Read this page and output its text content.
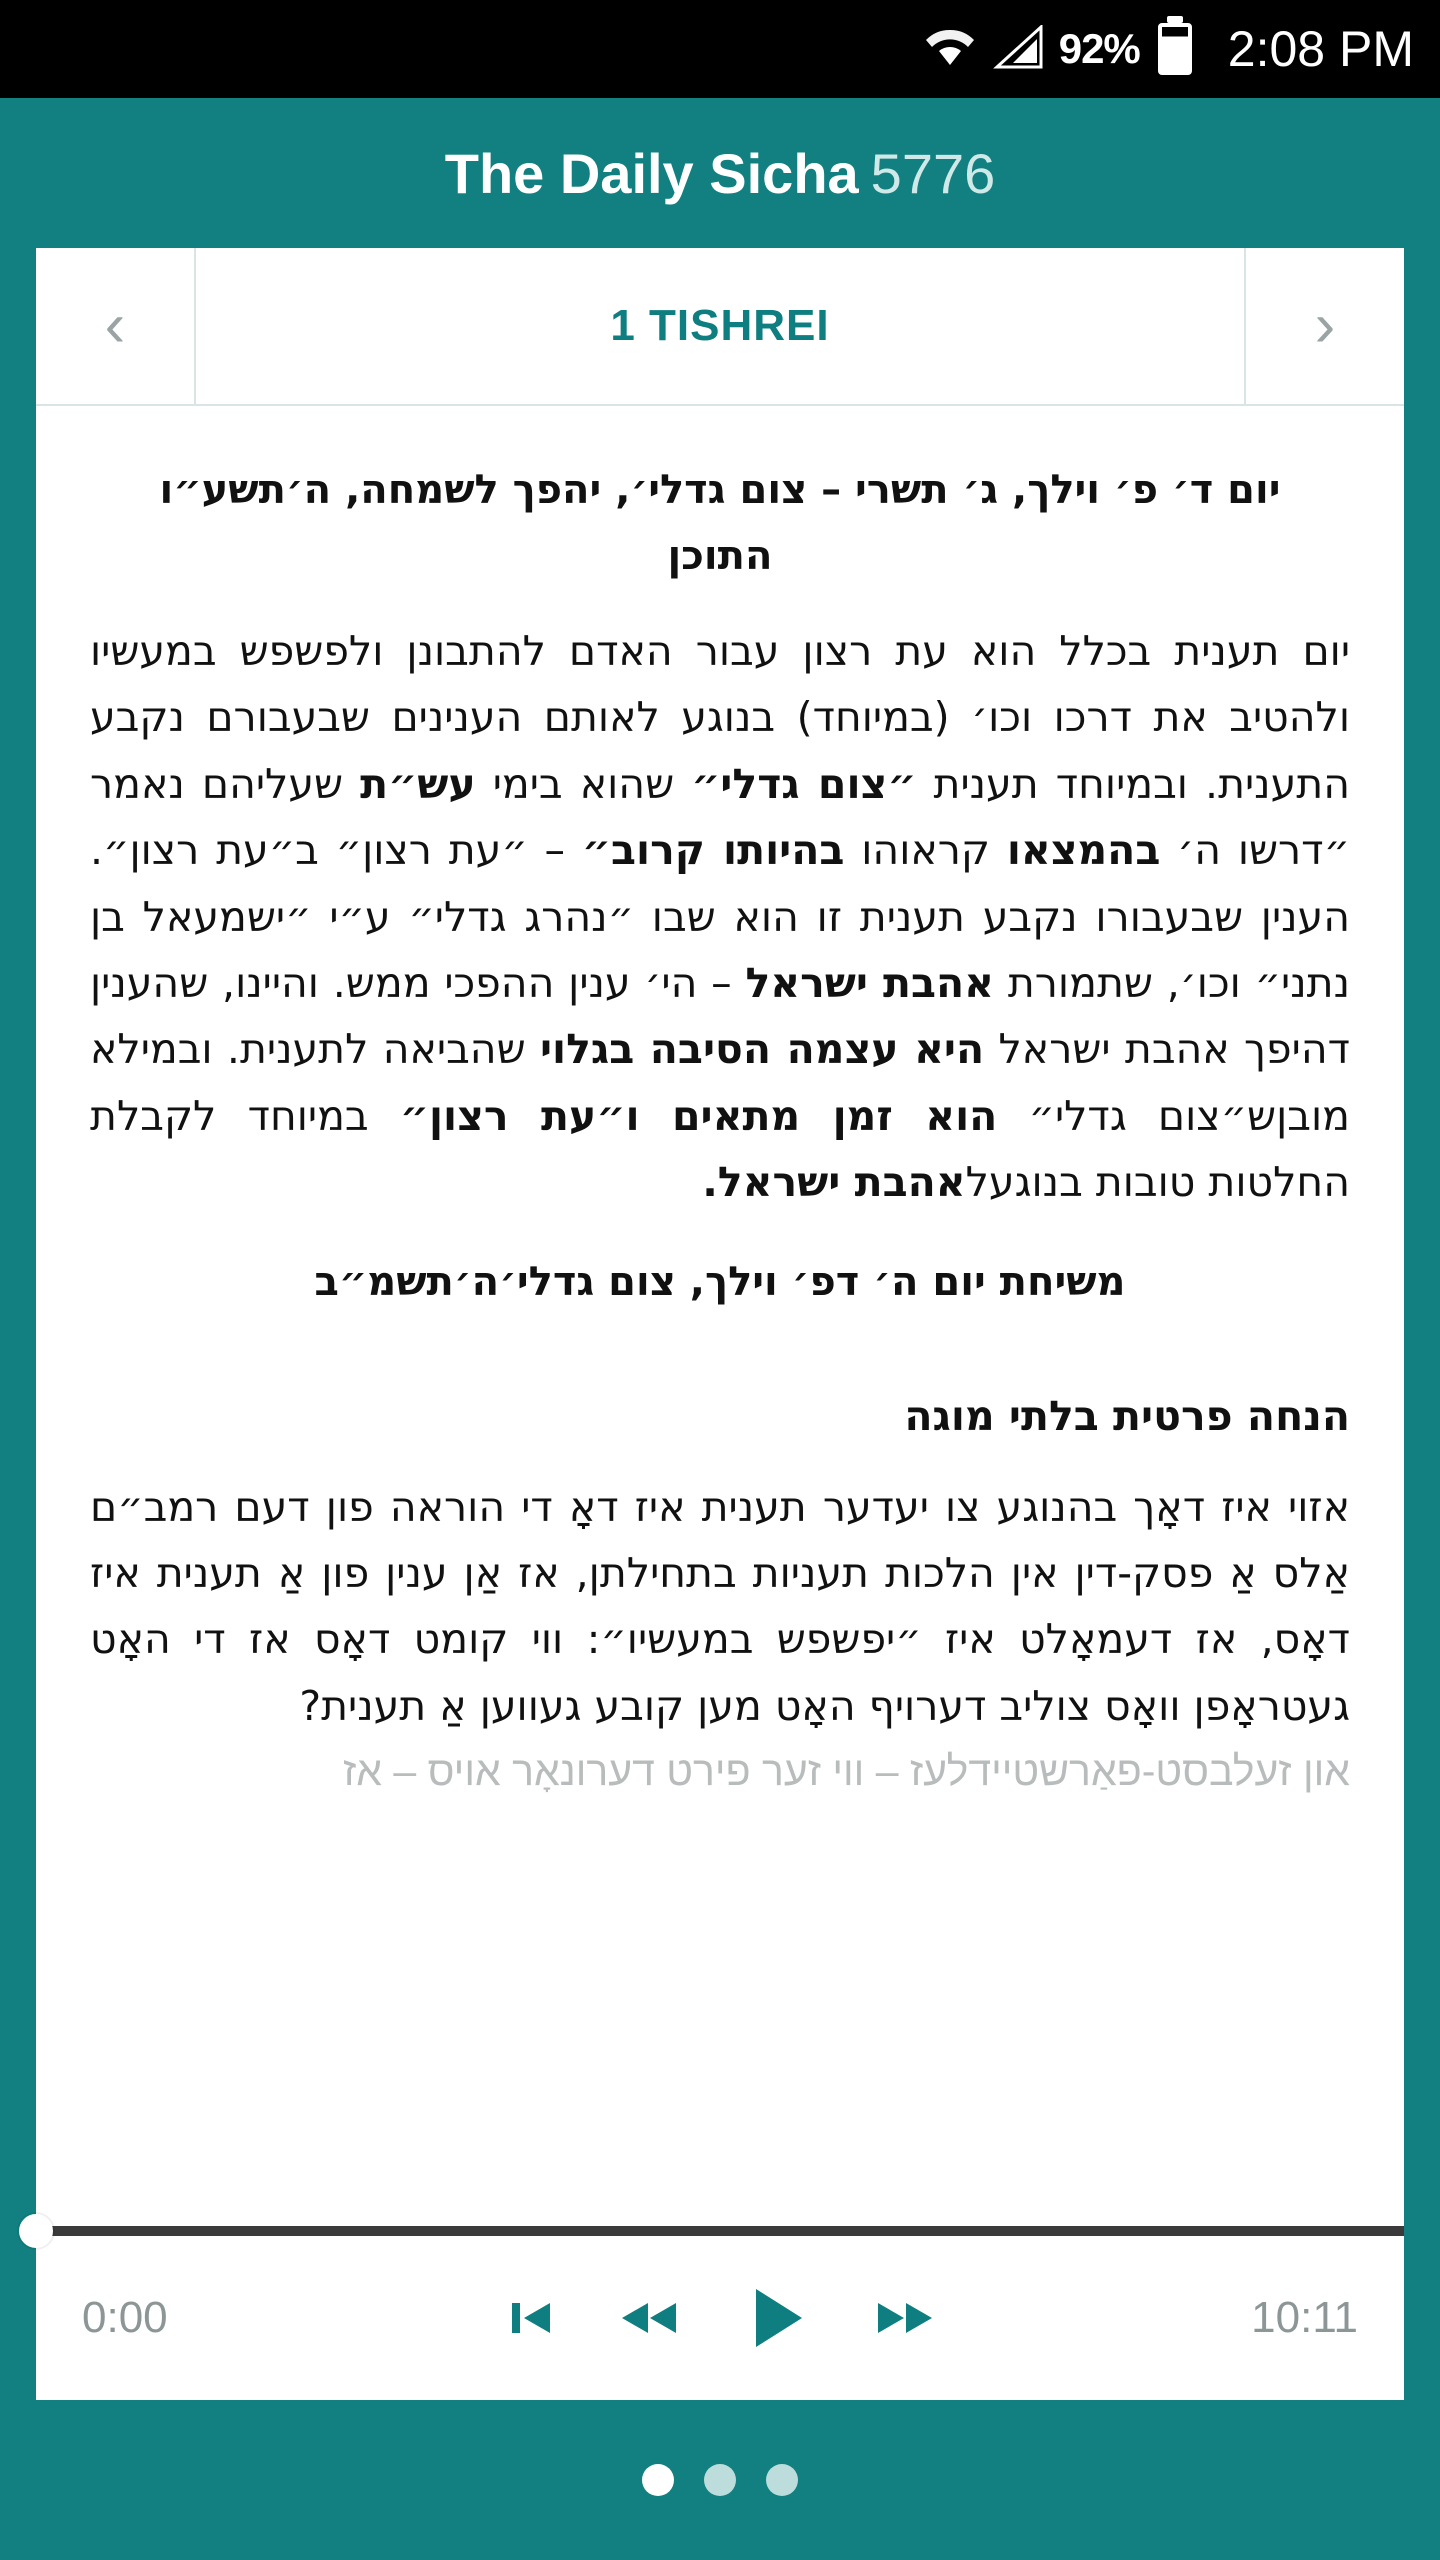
92% 2:08 PM
The Daily Sicha 5776
‹	1 TISHREI	›
יום ד׳ פ׳ וילך, ג׳ תשרי – צום גדלי׳, יהפך לשמחה, ה׳תשע״ו
התוכן
יום תענית בכלל הוא עת רצון עבור האדם להתבונן ולפשפש במעשיו ולהטיב את דרכו וכו׳ (במיוחד) בנוגע לאותם הענינים שבעבורם נקבע התענית. ובמיוחד תענית ״צום גדלי״ שהוא בימי עש״ת שעליהם נאמר ״דרשו ה׳ בהמצאו קראוהו בהיותו קרוב״ – ״עת רצון״ ב״עת רצון״. הענין שבעבורו נקבע תענית זו הוא שבו ״נהרג גדלי״ ע״י ״ישמעאל בן נתני״ וכו׳, שתמורת אהבת ישראל – הי׳ ענין ההפכי ממש. והיינו, שהענין דהיפך אהבת ישראל היא עצמה הסיבה בגלוי שהביאה לתענית. ובמילא מובןש״צום גדלי״ הוא זמן מתאים ו״עת רצון״ במיוחד לקבלת החלטות טובות בנוגעלאהבת ישראל.
משיחת יום ה׳ דפ׳ וילך, צום גדלי׳ה׳תשמ״ב
הנחה פרטית בלתי מוגה
אזוי איז דאָך בהנוגע צו יעדער תענית איז דאָ די הוראה פון דעם רמב״ם אַלס אַ פסק-דין אין הלכות תעניות בתחילתן, אז אַן ענין פון אַ תענית איז דאָס, אז דעמאָלט איז ״יפשפש במעשיו״: ווי קומט דאָס אז די האָט געטראָפן וואָס צוליב דערויף האָט מען קובע געווען אַ תענית?
און זעלבסט-פאַרשטיידלעז – ווי זער פירט דערונאָר אויס – אז
0:00	10:11
